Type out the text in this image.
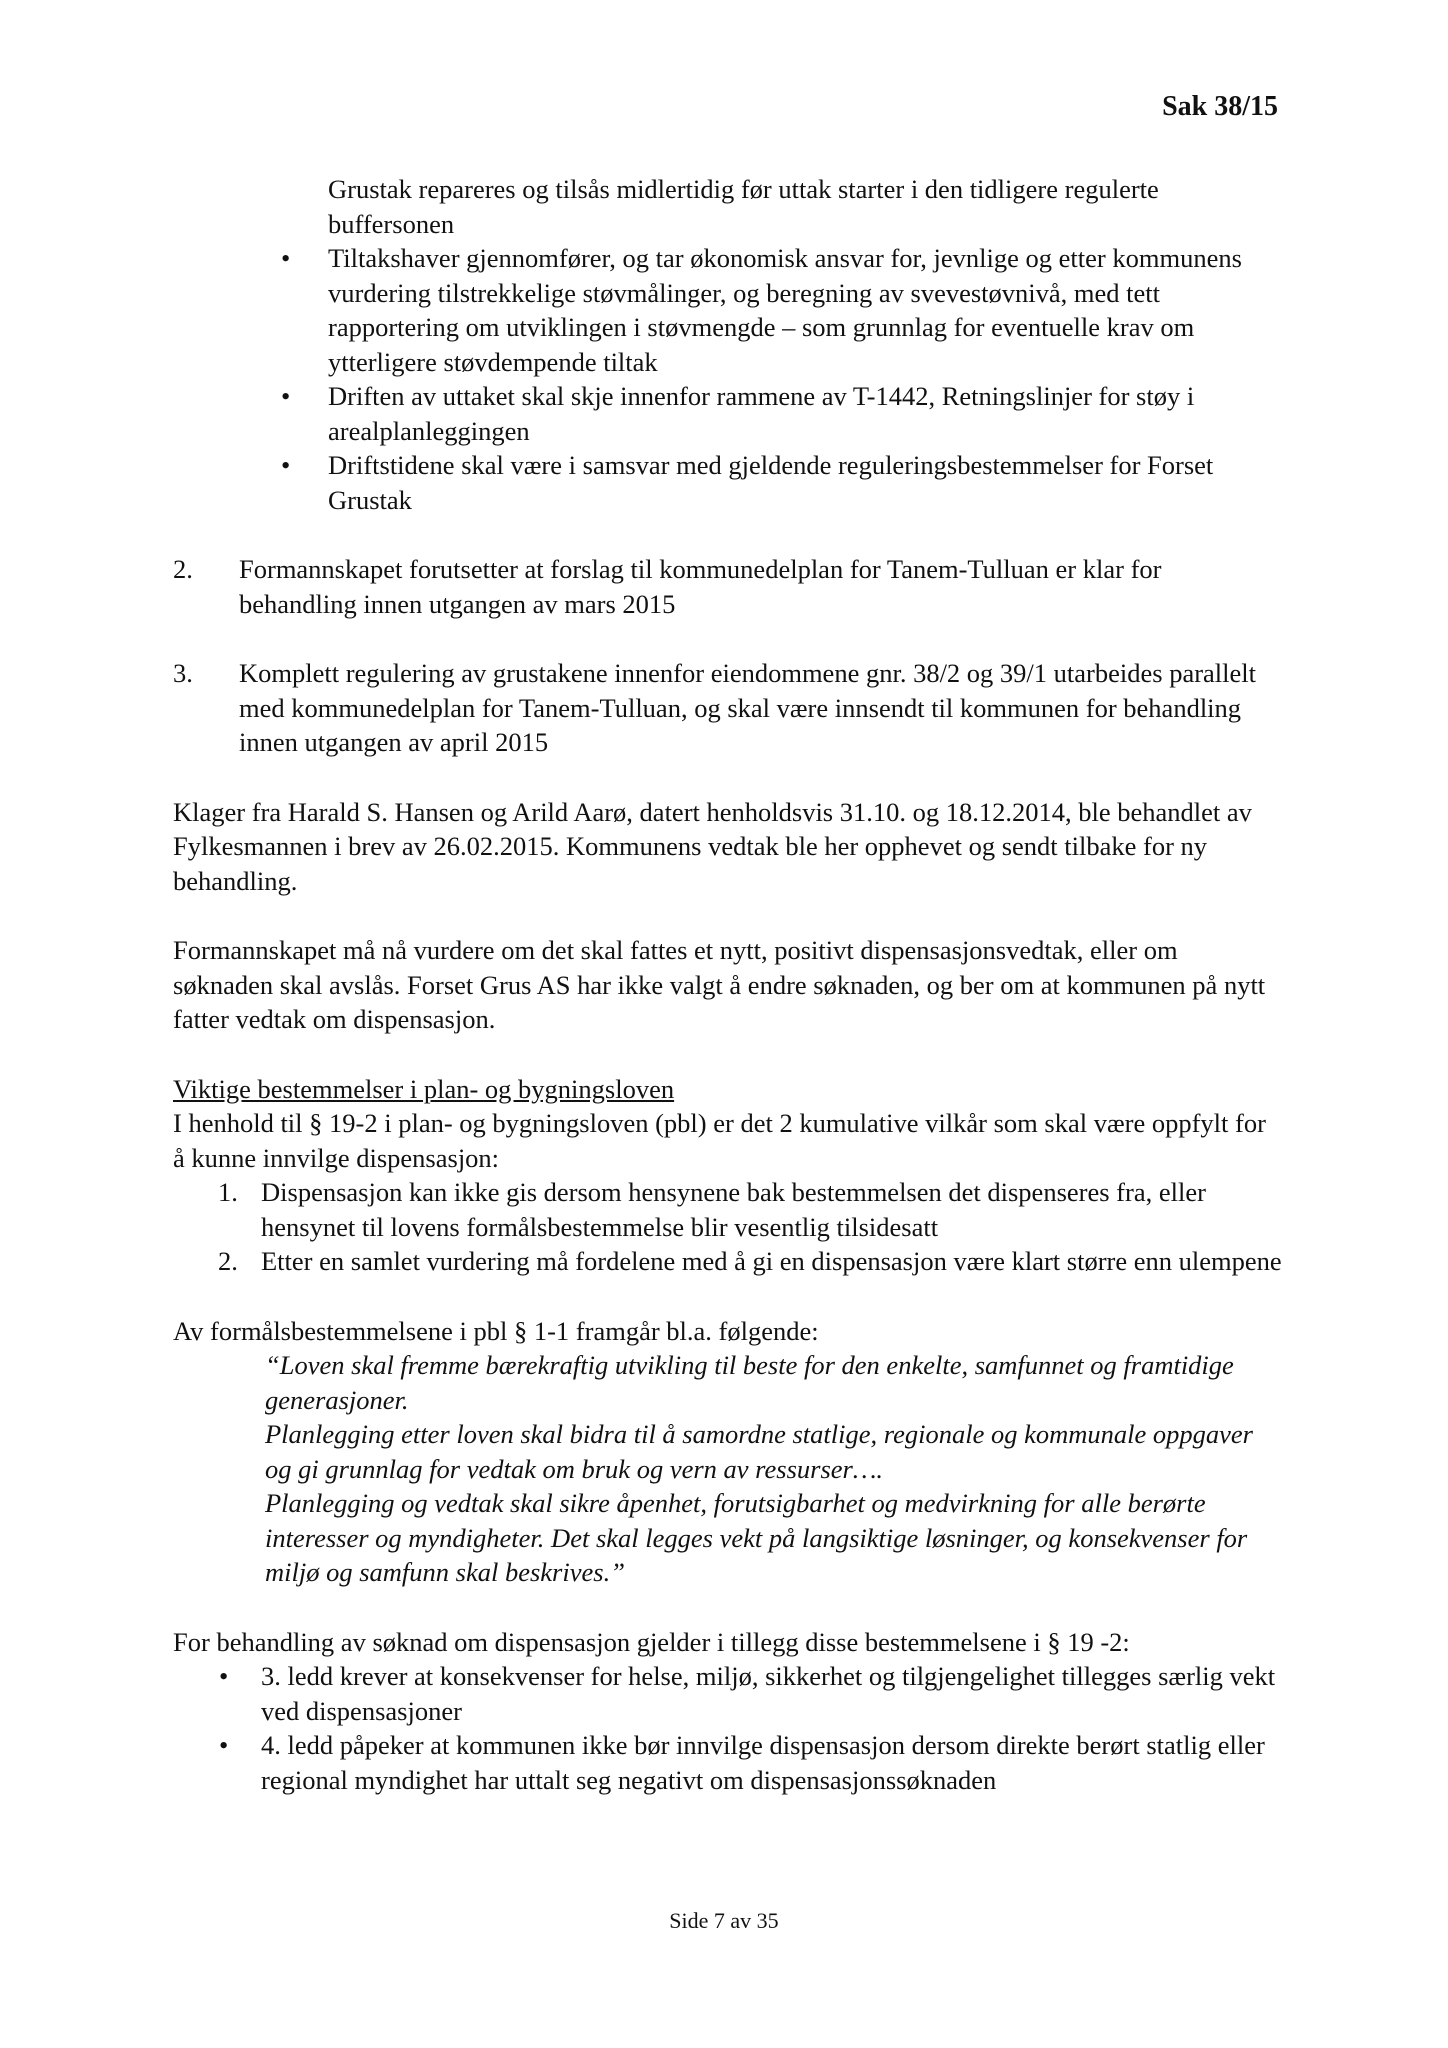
Sak 38/15

Grustak repareres og tilsås midlertidig før uttak starter i den tidligere regulerte buffersonen

• Tiltakshaver gjennomfører, og tar økonomisk ansvar for, jevnlige og etter kommunens vurdering tilstrekkelige støvmålinger, og beregning av svevestøvnivå, med tett rapportering om utviklingen i støvmengde – som grunnlag for eventuelle krav om ytterligere støvdempende tiltak
• Driften av uttaket skal skje innenfor rammene av T-1442, Retningslinjer for støy i arealplanleggingen
• Driftstidene skal være i samsvar med gjeldende reguleringsbestemmelser for Forset Grustak
2. Formannskapet forutsetter at forslag til kommunedelplan for Tanem-Tulluan er klar for behandling innen utgangen av mars 2015
3. Komplett regulering av grustakene innenfor eiendommene gnr. 38/2 og 39/1 utarbeides parallelt med kommunedelplan for Tanem-Tulluan, og skal være innsendt til kommunen for behandling innen utgangen av april 2015

Klager fra Harald S. Hansen og Arild Aarø, datert henholdsvis 31.10. og 18.12.2014, ble behandlet av Fylkesmannen i brev av 26.02.2015. Kommunens vedtak ble her opphevet og sendt tilbake for ny behandling.

Formannskapet må nå vurdere om det skal fattes et nytt, positivt dispensasjonsvedtak, eller om søknaden skal avslås. Forset Grus AS har ikke valgt å endre søknaden, og ber om at kommunen på nytt fatter vedtak om dispensasjon.

Viktige bestemmelser i plan- og bygningsloven

I henhold til § 19-2 i plan- og bygningsloven (pbl) er det 2 kumulative vilkår som skal være oppfylt for å kunne innvilge dispensasjon:

1. Dispensasjon kan ikke gis dersom hensynene bak bestemmelsen det dispenseres fra, eller hensynet til lovens formålsbestemmelse blir vesentlig tilsidesatt
2. Etter en samlet vurdering må fordelene med å gi en dispensasjon være klart større enn ulempene

Av formålsbestemmelsene i pbl § 1-1 framgår bl.a. følgende:

“Loven skal fremme bærekraftig utvikling til beste for den enkelte, samfunnet og framtidige generasjoner.

Planlegging etter loven skal bidra til å samordne statlige, regionale og kommunale oppgaver og gi grunnlag for vedtak om bruk og vern av ressurser….

Planlegging og vedtak skal sikre åpenhet, forutsigbarhet og medvirkning for alle berørte interesser og myndigheter. Det skal legges vekt på langsiktige løsninger, og konsekvenser for miljø og samfunn skal beskrives.”

For behandling av søknad om dispensasjon gjelder i tillegg disse bestemmelsene i § 19 -2:

• 3. ledd krever at konsekvenser for helse, miljø, sikkerhet og tilgjengelighet tillegges særlig vekt ved dispensasjoner
• 4. ledd påpeker at kommunen ikke bør innvilge dispensasjon dersom direkte berørt statlig eller regional myndighet har uttalt seg negativt om dispensasjonssøknaden
Side 7 av 35
